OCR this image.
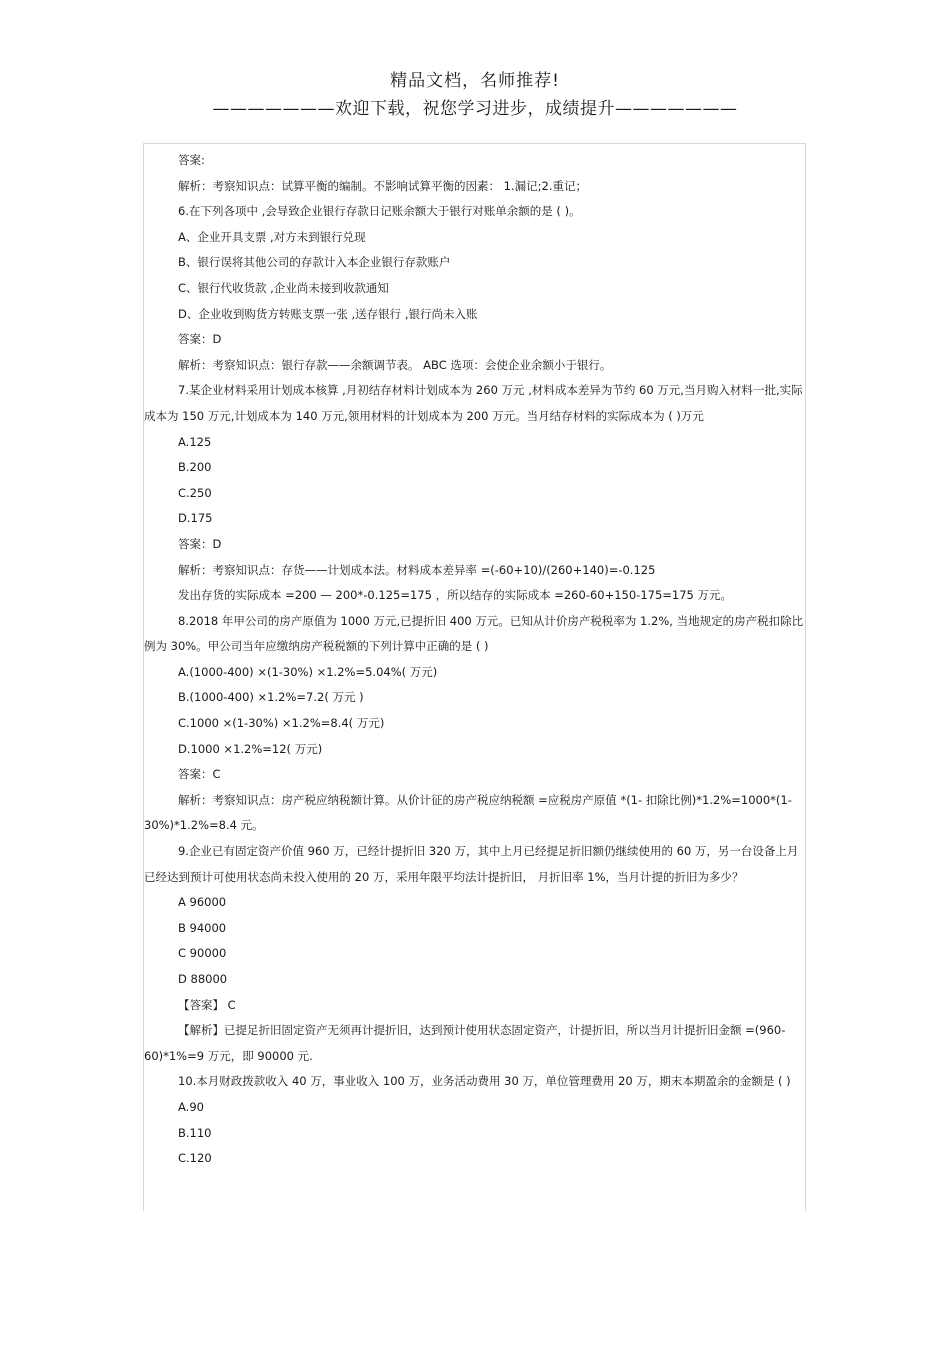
精品文档，名师推荐!
———————欢迎下载，祝您学习进步，成绩提升———————

答案:

解析：考察知识点：试算平衡的编制。不影响试算平衡的因素： 1.漏记;2.重记；

6.在下列各项中 ,会导致企业银行存款日记账余额大于银行对账单余额的是 ( )。

A、企业开具支票 ,对方未到银行兑现

B、银行误将其他公司的存款计入本企业银行存款账户

C、银行代收货款 ,企业尚未接到收款通知

D、企业收到购货方转账支票一张 ,送存银行 ,银行尚未入账

答案：D

解析：考察知识点：银行存款——余额调节表。 ABC 选项：会使企业余额小于银行。

7.某企业材料采用计划成本核算 ,月初结存材料计划成本为 260 万元 ,材料成本差异为节约 60 万元,当月购入材料一批,实际成本为 150 万元,计划成本为 140 万元,领用材料的计划成本为 200 万元。当月结存材料的实际成本为 ( )万元

A.125

B.200

C.250

D.175

答案：D

解析：考察知识点：存货——计划成本法。材料成本差异率 =(-60+10)/(260+140)=-0.125

发出存货的实际成本 =200 — 200*-0.125=175 ，所以结存的实际成本 =260-60+150-175=175 万元。

8.2018 年甲公司的房产原值为 1000 万元,已提折旧 400 万元。已知从计价房产税税率为 1.2%, 当地规定的房产税扣除比例为 30%。甲公司当年应缴纳房产税税额的下列计算中正确的是 ( )

A.(1000-400) ×(1-30%) ×1.2%=5.04%( 万元)

B.(1000-400) ×1.2%=7.2( 万元 )

C.1000 ×(1-30%) ×1.2%=8.4( 万元)

D.1000 ×1.2%=12( 万元)

答案：C

解析：考察知识点：房产税应纳税额计算。从价计征的房产税应纳税额 =应税房产原值 *(1- 扣除比例)*1.2%=1000*(1-30%)*1.2%=8.4 元。

9.企业已有固定资产价值 960 万，已经计提折旧 320 万，其中上月已经提足折旧额仍继续使用的 60 万，另一台设备上月已经达到预计可使用状态尚未投入使用的 20 万，采用年限平均法计提折旧， 月折旧率 1%，当月计提的折旧为多少？

A 96000

B 94000

C 90000

D 88000

【答案】 C

【解析】已提足折旧固定资产无须再计提折旧，达到预计使用状态固定资产，计提折旧，所以当月计提折旧金额 =(960-60)*1%=9 万元，即 90000 元.

10.本月财政拨款收入 40 万，事业收入 100 万，业务活动费用 30 万，单位管理费用 20 万，期末本期盈余的金额是 ( )

A.90

B.110

C.120
